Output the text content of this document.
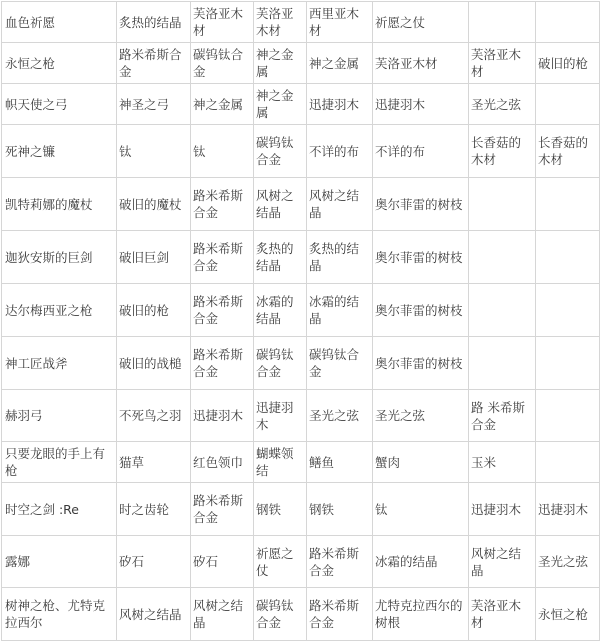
血色祈愿	炙热的结晶	芙洛亚木材	芙洛亚木材	西里亚木材	祈愿之仗		
永恒之枪	路米希斯合金	碳钨钛合金	神之金属	神之金属	芙洛亚木材	芙洛亚木材	破旧的枪
帜天使之弓	神圣之弓	神之金属	神之金属	迅捷羽木	迅捷羽木	圣光之弦	
死神之镰	钛	钛	碳钨钛合金	不详的布	不详的布	长香菇的木材	长香菇的木材
凯特莉娜的魔杖	破旧的魔杖	路米希斯合金	风树之结晶	风树之结晶	奥尔菲雷的树枝		
迦狄安斯的巨剑	破旧巨剑	路米希斯合金	炙热的结晶	炙热的结 晶	奥尔菲雷的树枝		
达尔梅西亚之枪	破旧的枪	路米希斯合金	冰霜的结晶	冰霜的结 晶	奥尔菲雷的树枝		
神工匠战斧	破旧的战槌	路米希斯合金	碳钨钛合金	碳钨钛合金	奥尔菲雷的树枝		
赫羽弓	不死鸟之羽	迅捷羽木	迅捷羽木	圣光之弦	圣光之弦	路 米希斯合金	
只要龙眼的手上有枪	猫草	红色领巾	蝴蝶领结	鳝鱼	蟹肉	玉米	
时空之剑 :Re	时之齿轮	路米希斯合金	钢铁	钢铁	钛	迅捷羽木	迅捷羽木
露娜	矽石	矽石	祈愿之仗	路米希斯合金	冰霜的结晶	风树之结晶	圣光之弦
树神之枪、尤特克拉西尔	风树之结晶	风树之结晶	碳钨钛合金	路米希斯合金	尤特克拉西尔的树根	芙洛亚木材	永恒之枪
